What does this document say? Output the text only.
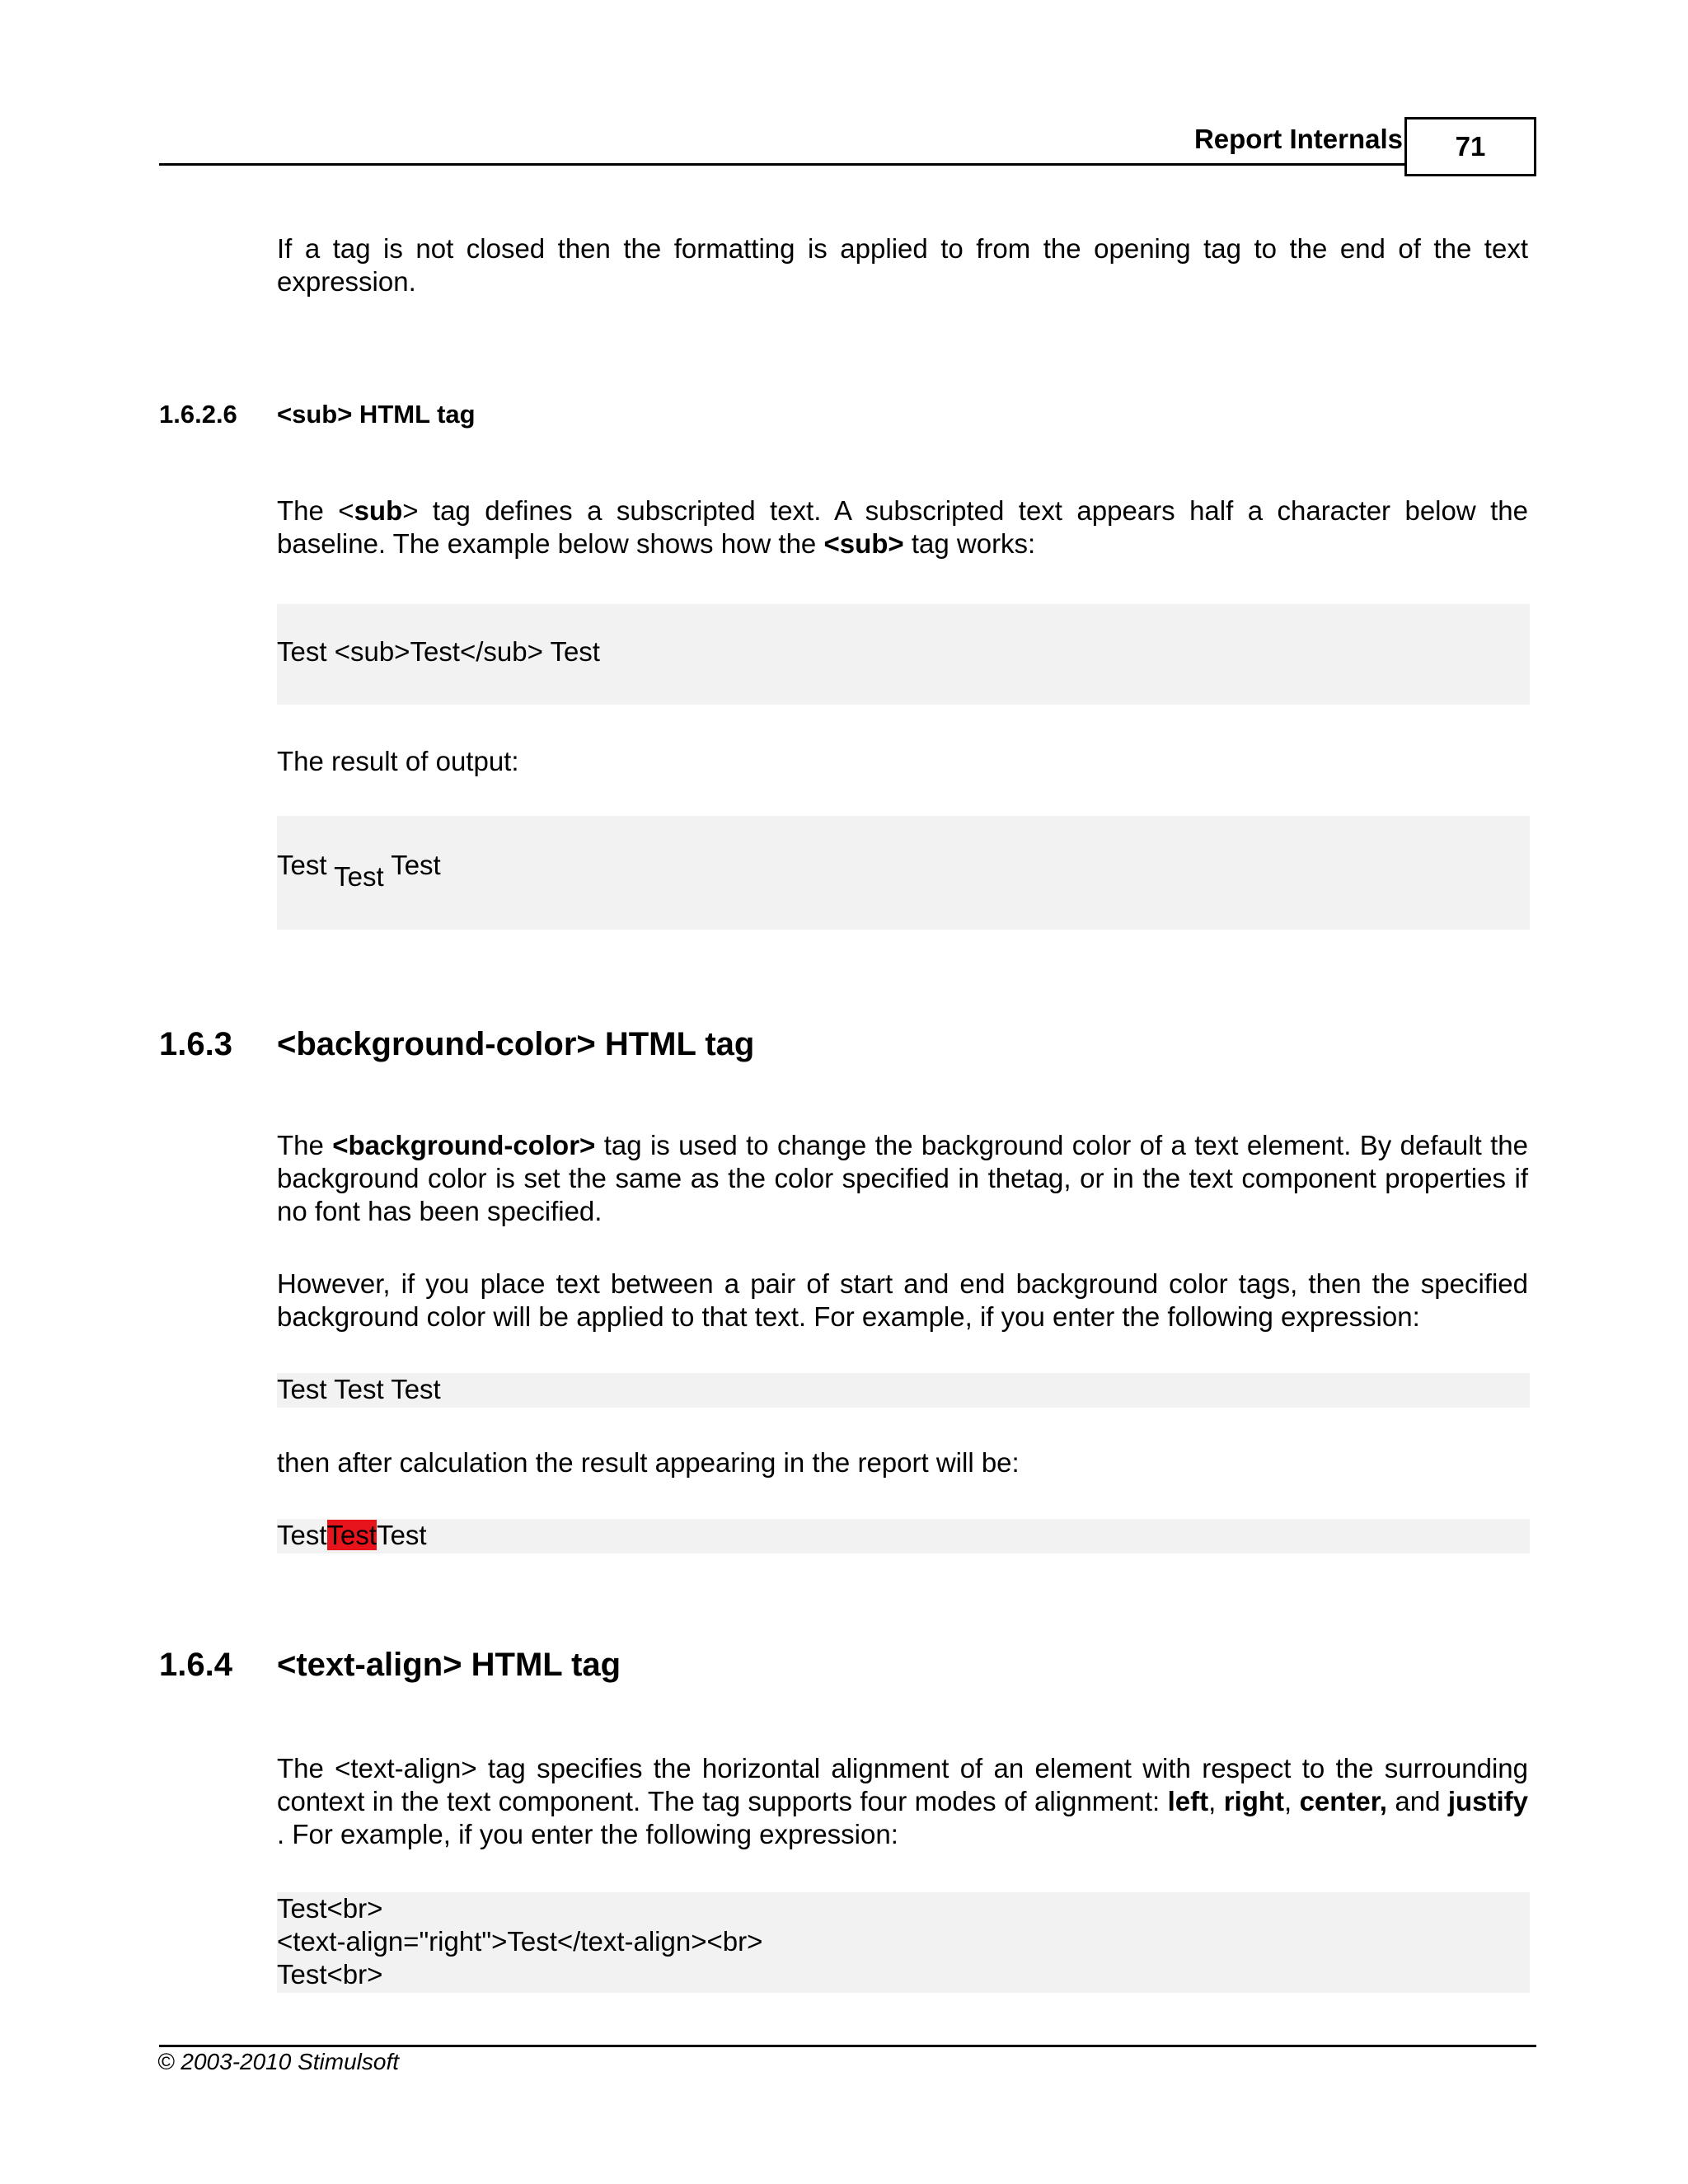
Report Internals	71
If a tag is not closed then the formatting is applied to from the opening tag to the end of the text expression.
1.6.2.6 <sub> HTML tag
The <sub> tag defines a subscripted text. A subscripted text appears half a character below the baseline. The example below shows how the <sub> tag works:
Test <sub>Test</sub> Test
The result of output:
Test Test Test
1.6.3 <background-color> HTML tag
The <background-color> tag is used to change the background color of a text element. By default the background color is set the same as the color specified in thetag, or in the text component properties if no font has been specified.
However, if you place text between a pair of start and end background color tags, then the specified background color will be applied to that text. For example, if you enter the following expression:
Test Test Test
then after calculation the result appearing in the report will be:
TestTestTest
1.6.4 <text-align> HTML tag
The <text-align> tag specifies the horizontal alignment of an element with respect to the surrounding context in the text component. The tag supports four modes of alignment: left, right, center, and justify . For example, if you enter the following expression:
Test<br>
<text-align="right">Test</text-align><br>
Test<br>
© 2003-2010 Stimulsoft
